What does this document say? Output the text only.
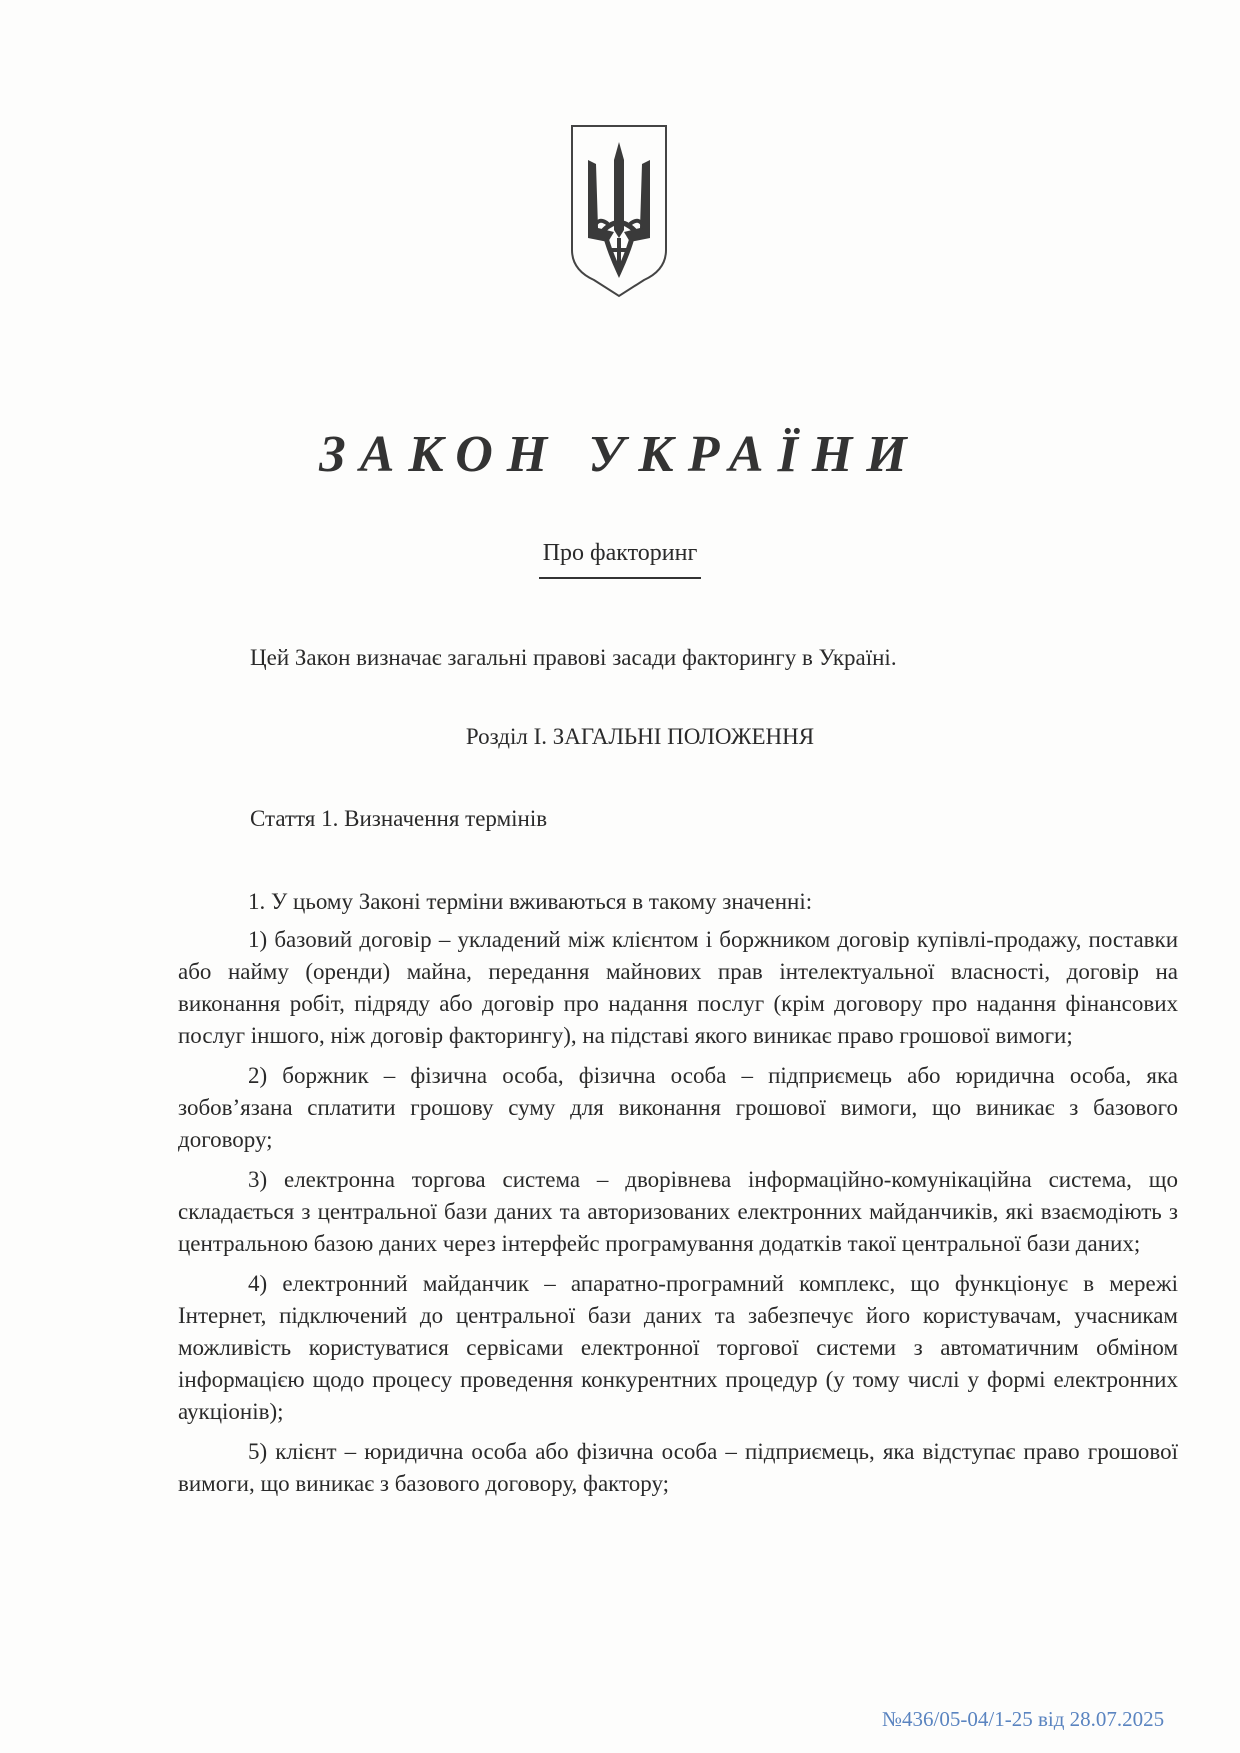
ЗАКОН УКРАЇНИ
Про факторинг
Цей Закон визначає загальні правові засади факторингу в Україні.
Розділ I. ЗАГАЛЬНІ ПОЛОЖЕННЯ
Стаття 1. Визначення термінів

1. У цьому Законі терміни вживаються в такому значенні:

1) базовий договір – укладений між клієнтом і боржником договір купівлі-продажу, поставки або найму (оренди) майна, передання майнових прав інтелектуальної власності, договір на виконання робіт, підряду або договір про надання послуг (крім договору про надання фінансових послуг іншого, ніж договір факторингу), на підставі якого виникає право грошової вимоги;

2) боржник – фізична особа, фізична особа – підприємець або юридична особа, яка зобов’язана сплатити грошову суму для виконання грошової вимоги, що виникає з базового договору;

3) електронна торгова система – дворівнева інформаційно-комунікаційна система, що складається з центральної бази даних та авторизованих електронних майданчиків, які взаємодіють з центральною базою даних через інтерфейс програмування додатків такої центральної бази даних;

4) електронний майданчик – апаратно-програмний комплекс, що функціонує в мережі Інтернет, підключений до центральної бази даних та забезпечує його користувачам, учасникам можливість користуватися сервісами електронної торгової системи з автоматичним обміном інформацією щодо процесу проведення конкурентних процедур (у тому числі у формі електронних аукціонів);

5) клієнт – юридична особа або фізична особа – підприємець, яка відступає право грошової вимоги, що виникає з базового договору, фактору;

№436/05-04/1-25 від 28.07.2025
